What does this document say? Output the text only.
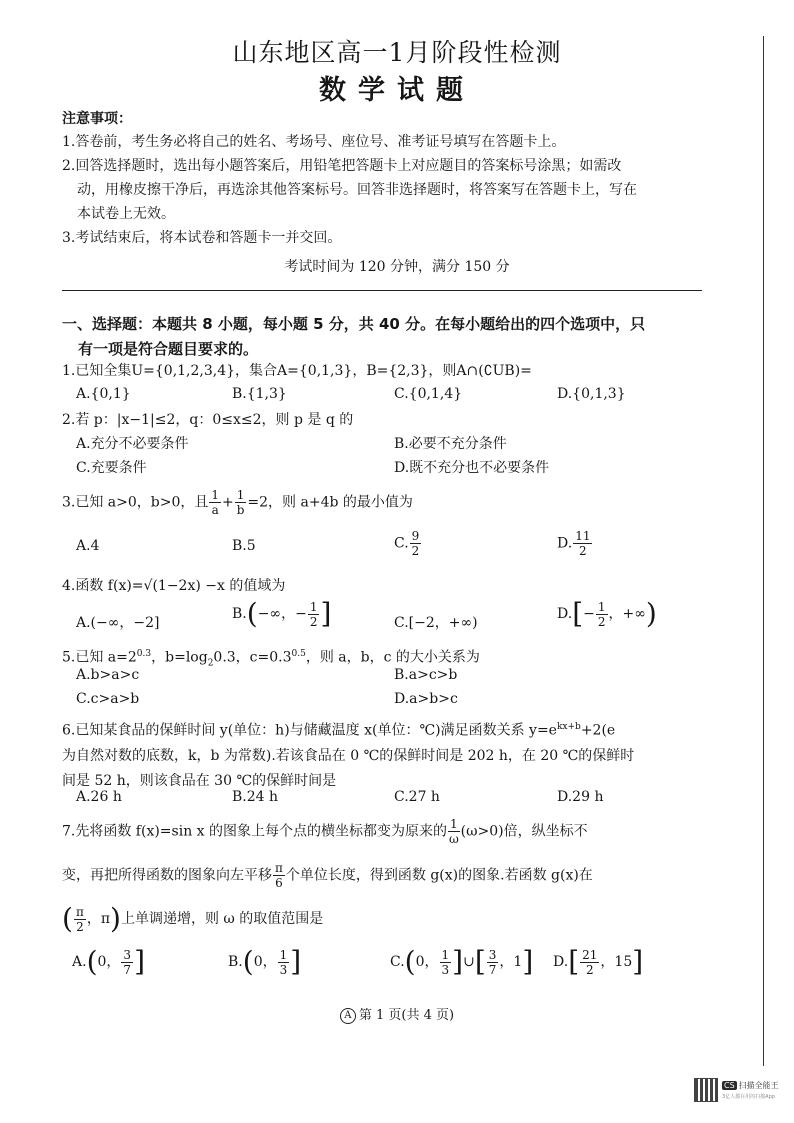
山东地区高一1月阶段性检测
数学试题
注意事项：
1.答卷前，考生务必将自己的姓名、考场号、座位号、准考证号填写在答题卡上。
2.回答选择题时，选出每小题答案后，用铅笔把答题卡上对应题目的答案标号涂黑；如需改
动，用橡皮擦干净后，再选涂其他答案标号。回答非选择题时，将答案写在答题卡上，写在
本试卷上无效。
3.考试结束后，将本试卷和答题卡一并交回。
考试时间为 120 分钟，满分 150 分
一、选择题：本题共 8 小题，每小题 5 分，共 40 分。在每小题给出的四个选项中，只
有一项是符合题目要求的。
1.已知全集U={0,1,2,3,4}，集合A={0,1,3}，B={2,3}，则A∩(∁UB)=
A.{0,1}	B.{1,3}	C.{0,1,4}	D.{0,1,3}
2.若 p：|x−1|≤2，q：0≤x≤2，则 p 是 q 的
A.充分不必要条件	B.必要不充分条件
C.充要条件	D.既不充分也不必要条件
3.已知 a>0，b>0，且 $\frac{1}{a} + \frac{1}{b} =2$，则 a+4b 的最小值为
A.4	B.5	C. $\frac{9}{2}$	D. $\frac{11}{2}$
4.函数 f(x)=√(1−2x) −x 的值域为
A.(−∞，−2]
B.(−∞，− $\frac{1}{2}$ ]	C.[−2，+∞)
$D.[- \frac{1}{2}$ ，+∞)
5.已知 $a=2^{0.3}$，$b=\log_20.3$，$c=0.3^{0.5}$，则 a，b，c 的大小关系为
A.b>a>c	B.a>c>b
C.c>a>b	D.a>b>c
6.已知某食品的保鲜时间 y(单位：h)与储藏温度 x(单位：℃)满足函数关系 $y=e^{kx+b}+2(e$
为自然对数的底数，k，b 为常数).若该食品在 0 ℃的保鲜时间是 202 h，在 20 ℃的保鲜时
间是 52 h，则该食品在 30 ℃的保鲜时间是
A.26 h	B.24 h	C.27 h	D.29 h
7.先将函数 f(x)=sin x 的图象上每个点的横坐标都变为原来的 $\frac{1}{\omega} (\omega>0)$倍，纵坐标不
变，再把所得函数的图象向左平移 $\frac{\pi}{6}$ 个单位长度，得到函数 g(x)的图象.若函数 g(x)在
( $\frac{\pi}{2}$ ，π)上单调递增，则 ω 的取值范围是
A.(0， $\frac{3}{7}$ ]	B.(0， $\frac{1}{3}$ ]	C.(0， $\frac{1}{3}$ ]∪[ $\frac{3}{7}$ ，1] $D.[ \frac{21}{2}$ ，15]
A 第 1 页(共 4 页)
CS 扫描全能王
3亿人都在用的扫描App
